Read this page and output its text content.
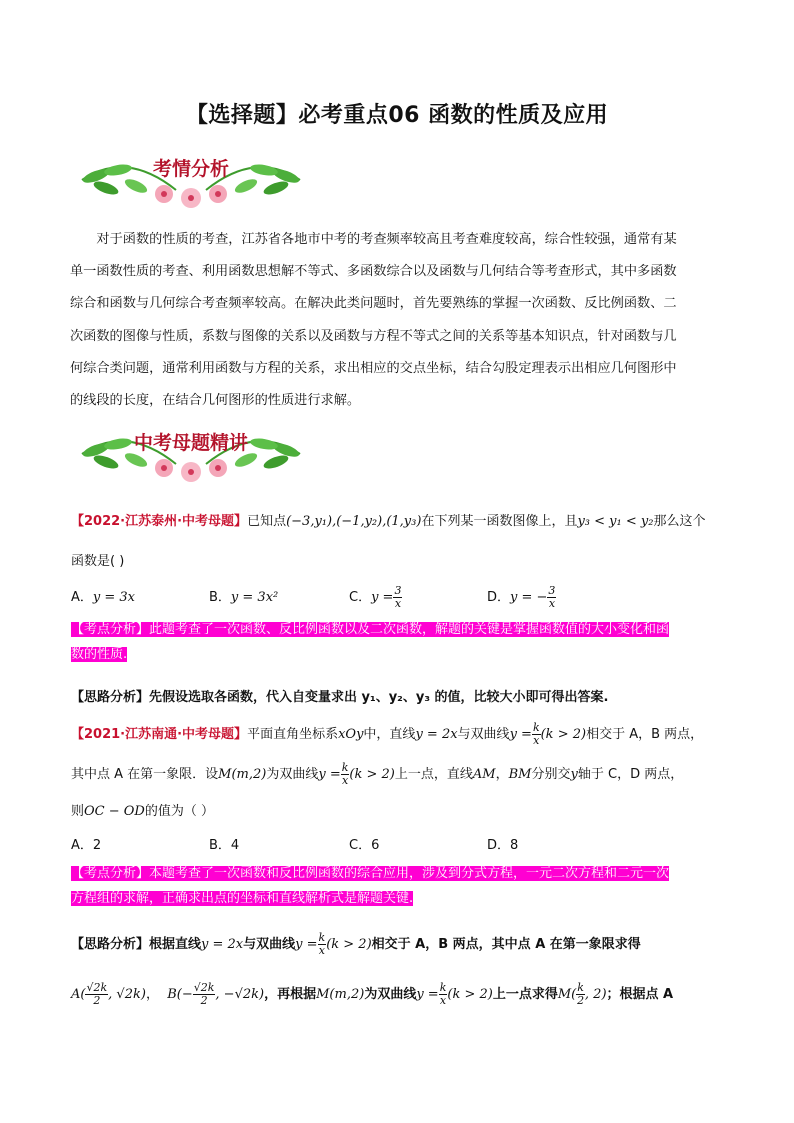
【选择题】必考重点06 函数的性质及应用
考情分析
对于函数的性质的考查，江苏省各地市中考的考查频率较高且考查难度较高，综合性较强，通常有某
单一函数性质的考查、利用函数思想解不等式、多函数综合以及函数与几何结合等考查形式，其中多函数
综合和函数与几何综合考查频率较高。在解决此类问题时，首先要熟练的掌握一次函数、反比例函数、二
次函数的图像与性质，系数与图像的关系以及函数与方程不等式之间的关系等基本知识点，针对函数与几
何综合类问题，通常利用函数与方程的关系，求出相应的交点坐标，结合勾股定理表示出相应几何图形中
的线段的长度，在结合几何图形的性质进行求解。
中考母题精讲
【2022·江苏泰州·中考母题】已知点(−3,y₁),(−1,y₂),(1,y₃)在下列某一函数图像上，且y₃ < y₁ < y₂那么这个
函数是( )
A．y = 3x	B．y = 3x²	C．$y = \frac{3}{x}$	D．y = − $\frac{3}{x}$
【考点分析】此题考查了一次函数、反比例函数以及二次函数，解题的关键是掌握函数值的大小变化和函
数的性质.
【思路分析】先假设选取各函数，代入自变量求出 y₁、y₂、y₃ 的值，比较大小即可得出答案.
【2021·江苏南通·中考母题】平面直角坐标系xOy中，直线y = 2x与双曲线$y = \frac{k}{x} (k > 2)$相交于 A，B 两点，
其中点 A 在第一象限．设M(m,2)为双曲线$y = \frac{k}{x} (k > 2)$上一点，直线AM，BM分别交y轴于 C，D 两点，
则OC − OD的值为（ ）
A．2	B．4	C．6	D．8
【考点分析】本题考查了一次函数和反比例函数的综合应用，涉及到分式方程，一元二次方程和二元一次
方程组的求解，正确求出点的坐标和直线解析式是解题关键.
【思路分析】根据直线y = 2x与双曲线$y = \frac{k}{x} (k > 2)$相交于 A，B 两点，其中点 A 在第一象限求得
$A( \frac{√2k}{2}$ , √2k)，  $B(- \frac{√2k}{2}$ , −√2k)，再根据M(m,2)为双曲线$y = \frac{k}{x} (k > 2)$上一点求得$M( \frac{k}{2}$ , 2)；根据点 A
